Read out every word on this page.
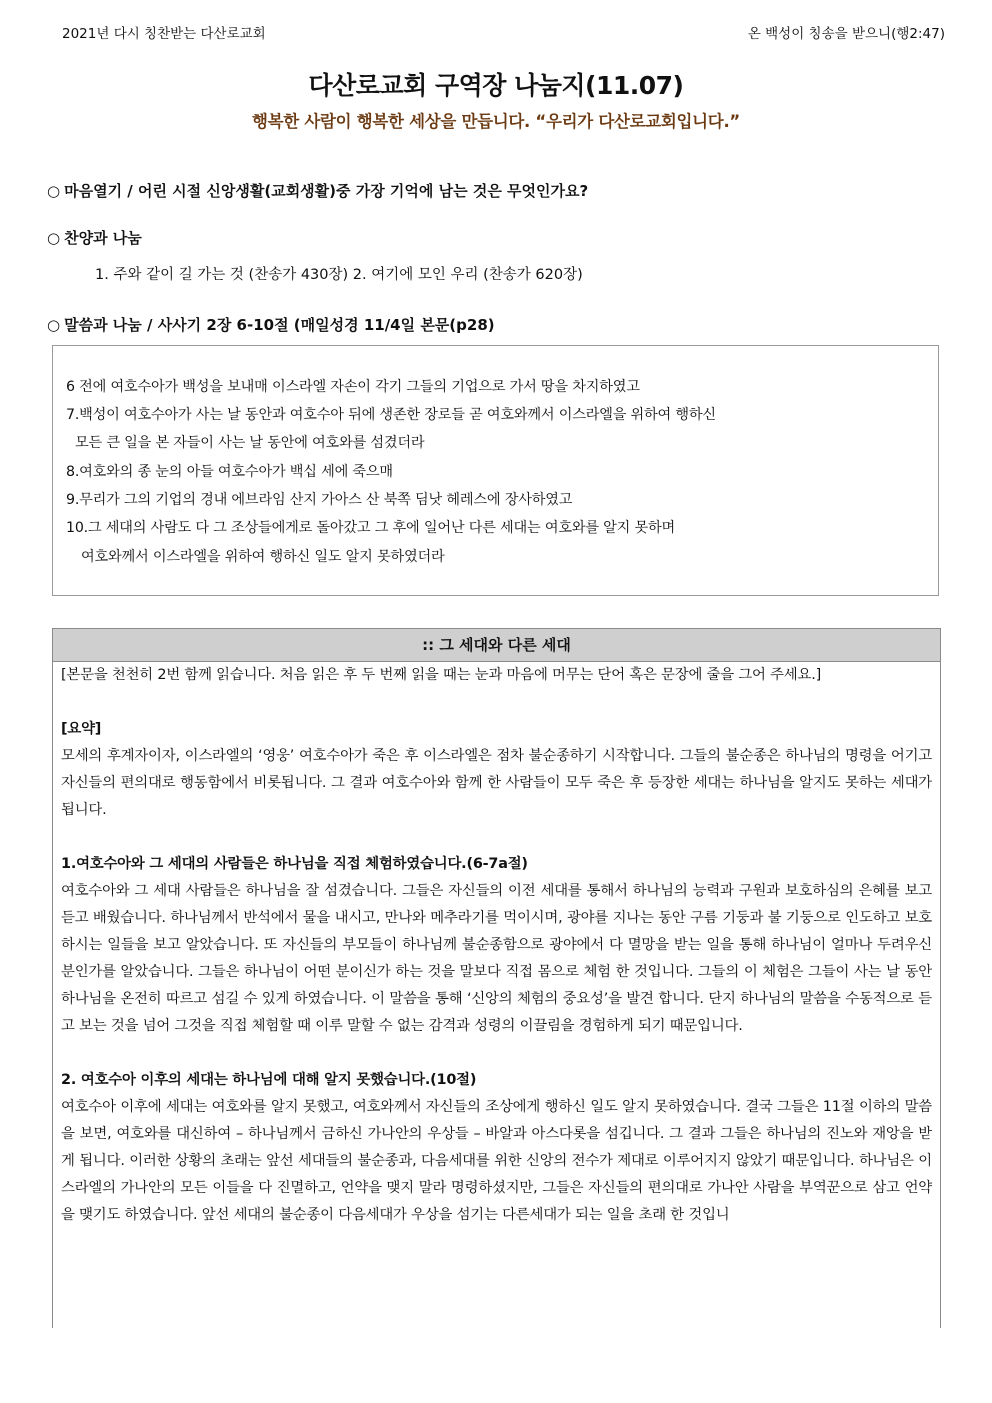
2021년 다시 칭찬받는 다산로교회	온 백성이 칭송을 받으니(행2:47)
다산로교회 구역장 나눔지(11.07)
행복한 사람이 행복한 세상을 만듭니다. “우리가 다산로교회입니다.”
○ 마음열기 / 어린 시절 신앙생활(교회생활)중 가장 기억에 남는 것은 무엇인가요?
○ 찬양과 나눔
1. 주와 같이 길 가는 것 (찬송가 430장) 2. 여기에 모인 우리 (찬송가 620장)
○ 말씀과 나눔 / 사사기 2장 6-10절 (매일성경 11/4일 본문(p28)
6 전에 여호수아가 백성을 보내매 이스라엘 자손이 각기 그들의 기업으로 가서 땅을 차지하였고
7.백성이 여호수아가 사는 날 동안과 여호수아 뒤에 생존한 장로들 곧 여호와께서 이스라엘을 위하여 행하신
모든 큰 일을 본 자들이 사는 날 동안에 여호와를 섬겼더라
8.여호와의 종 눈의 아들 여호수아가 백십 세에 죽으매
9.무리가 그의 기업의 경내 에브라임 산지 가아스 산 북쪽 딤낫 헤레스에 장사하였고
10.그 세대의 사람도 다 그 조상들에게로 돌아갔고 그 후에 일어난 다른 세대는 여호와를 알지 못하며
여호와께서 이스라엘을 위하여 행하신 일도 알지 못하였더라
:: 그 세대와 다른 세대

[본문을 천천히 2번 함께 읽습니다. 처음 읽은 후 두 번째 읽을 때는 눈과 마음에 머무는 단어 혹은 문장에 줄을 그어 주세요.]

[요약]

모세의 후계자이자, 이스라엘의 ‘영웅’ 여호수아가 죽은 후 이스라엘은 점차 불순종하기 시작합니다. 그들의 불순종은 하나님의 명령을 어기고 자신들의 편의대로 행동함에서 비롯됩니다. 그 결과 여호수아와 함께 한 사람들이 모두 죽은 후 등장한 세대는 하나님을 알지도 못하는 세대가 됩니다.

1.여호수아와 그 세대의 사람들은 하나님을 직접 체험하였습니다.(6-7a절)

여호수아와 그 세대 사람들은 하나님을 잘 섬겼습니다. 그들은 자신들의 이전 세대를 통해서 하나님의 능력과 구원과 보호하심의 은혜를 보고 듣고 배웠습니다. 하나님께서 반석에서 물을 내시고, 만나와 메추라기를 먹이시며, 광야를 지나는 동안 구름 기둥과 불 기둥으로 인도하고 보호 하시는 일들을 보고 알았습니다. 또 자신들의 부모들이 하나님께 불순종함으로 광야에서 다 멸망을 받는 일을 통해 하나님이 얼마나 두려우신 분인가를 알았습니다. 그들은 하나님이 어떤 분이신가 하는 것을 말보다 직접 몸으로 체험 한 것입니다. 그들의 이 체험은 그들이 사는 날 동안 하나님을 온전히 따르고 섬길 수 있게 하였습니다. 이 말씀을 통해 ‘신앙의 체험의 중요성’을 발견 합니다. 단지 하나님의 말씀을 수동적으로 듣고 보는 것을 넘어 그것을 직접 체험할 때 이루 말할 수 없는 감격과 성령의 이끌림을 경험하게 되기 때문입니다.

2. 여호수아 이후의 세대는 하나님에 대해 알지 못했습니다.(10절)

여호수아 이후에 세대는 여호와를 알지 못했고, 여호와께서 자신들의 조상에게 행하신 일도 알지 못하였습니다. 결국 그들은 11절 이하의 말씀을 보면, 여호와를 대신하여 – 하나님께서 금하신 가나안의 우상들 – 바알과 아스다롯을 섬깁니다. 그 결과 그들은 하나님의 진노와 재앙을 받게 됩니다. 이러한 상황의 초래는 앞선 세대들의 불순종과, 다음세대를 위한 신앙의 전수가 제대로 이루어지지 않았기 때문입니다. 하나님은 이스라엘의 가나안의 모든 이들을 다 진멸하고, 언약을 맺지 말라 명령하셨지만, 그들은 자신들의 편의대로 가나안 사람을 부역꾼으로 삼고 언약을 맺기도 하였습니다. 앞선 세대의 불순종이 다음세대가 우상을 섬기는 다른세대가 되는 일을 초래 한 것입니
